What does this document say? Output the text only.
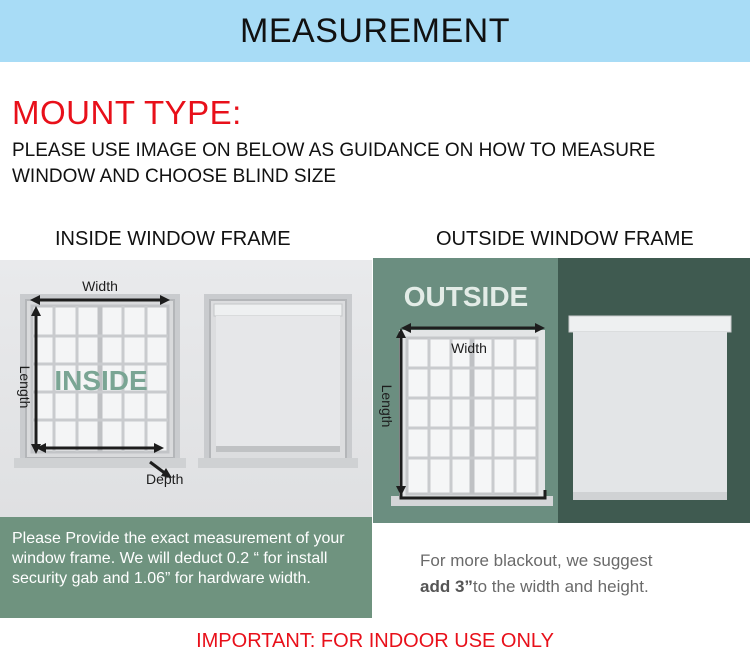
MEASUREMENT
MOUNT TYPE:

PLEASE USE IMAGE ON BELOW AS GUIDANCE ON HOW TO MEASURE WINDOW AND CHOOSE BLIND SIZE

INSIDE WINDOW FRAME	OUTSIDE WINDOW FRAME
Width
Length
Depth
INSIDE
OUTSIDE
Width
Length

Please Provide the exact measurement of your window frame. We will deduct 0.2 “ for install security gab and 1.06” for hardware width.

For more blackout, we suggest
add 3”to the width and height.
IMPORTANT: FOR INDOOR USE ONLY
